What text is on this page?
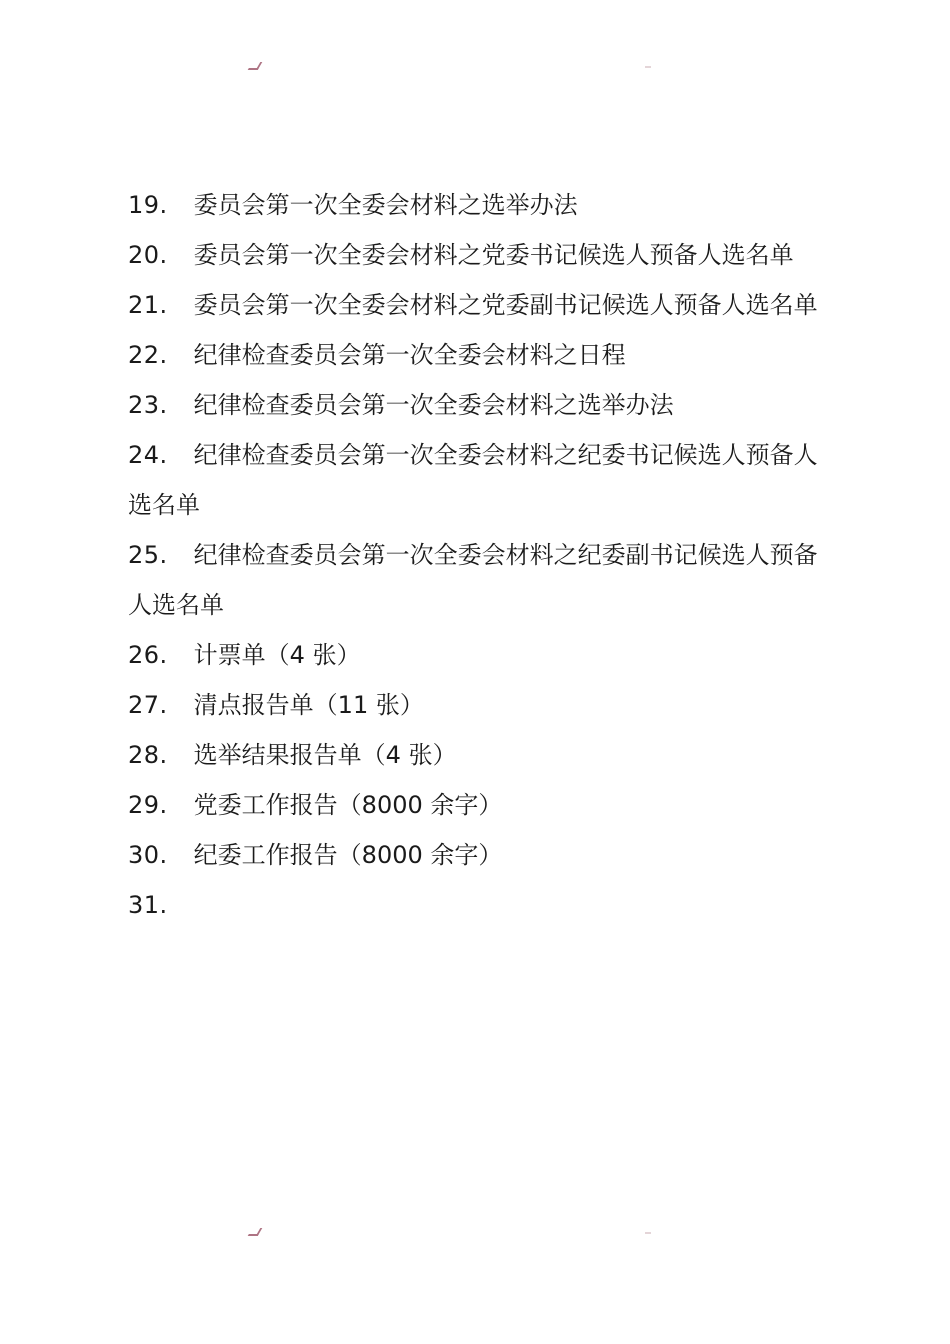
19. 委员会第一次全委会材料之选举办法
20. 委员会第一次全委会材料之党委书记候选人预备人选名单
21. 委员会第一次全委会材料之党委副书记候选人预备人选名单
22. 纪律检查委员会第一次全委会材料之日程
23. 纪律检查委员会第一次全委会材料之选举办法
24. 纪律检查委员会第一次全委会材料之纪委书记候选人预备人选名单
25. 纪律检查委员会第一次全委会材料之纪委副书记候选人预备人选名单
26. 计票单（4 张）
27. 清点报告单（11 张）
28. 选举结果报告单（4 张）
29. 党委工作报告（8000 余字）
30. 纪委工作报告（8000 余字）
31.
